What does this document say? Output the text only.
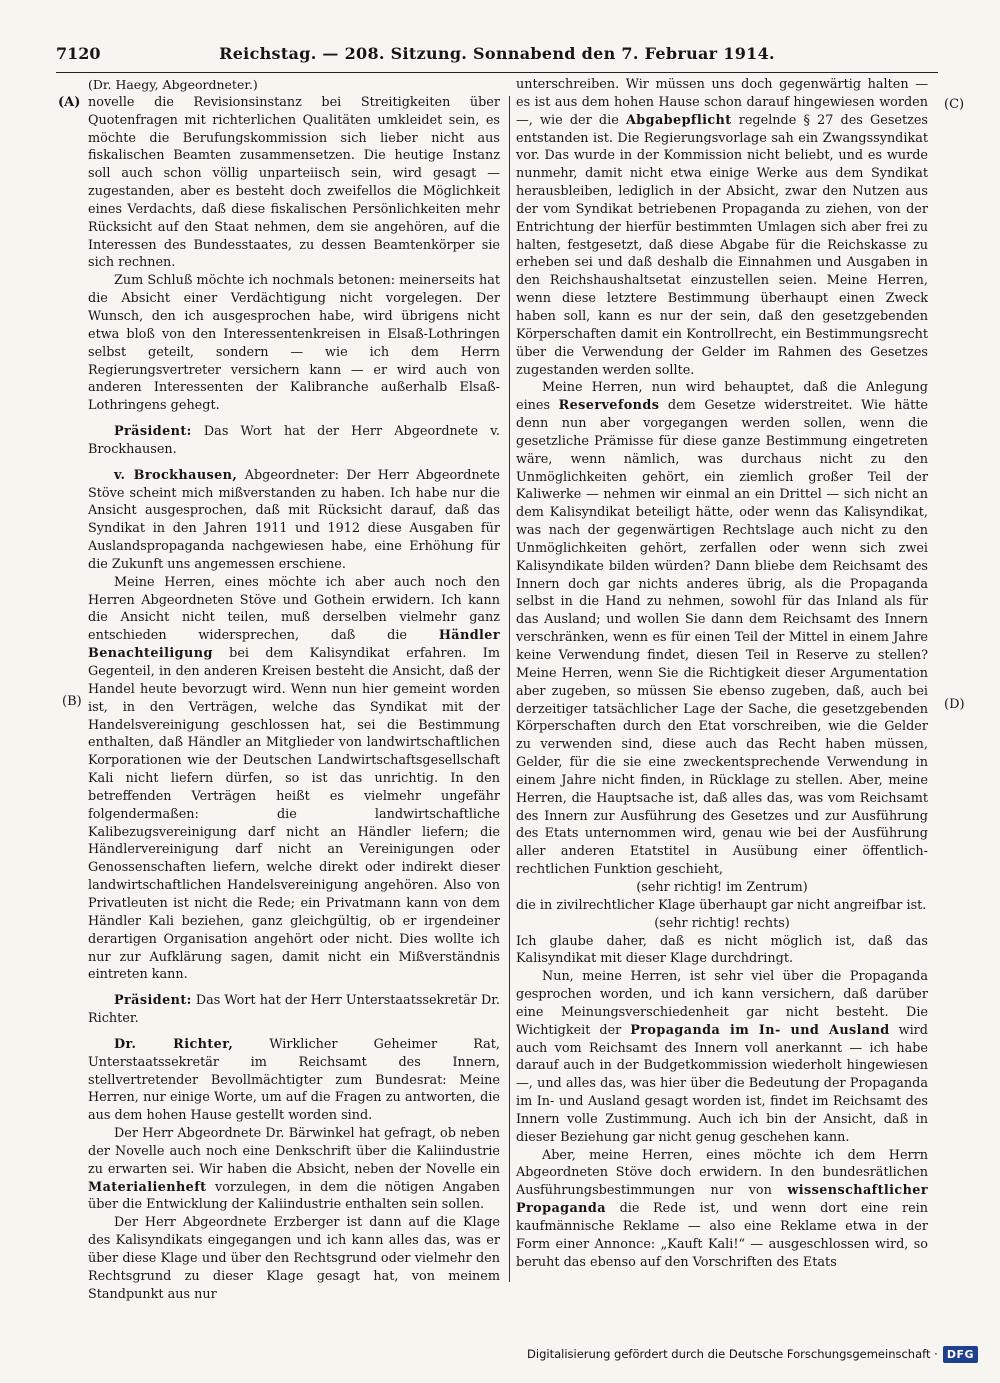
7120	Reichstag. — 208. Sitzung. Sonnabend den 7. Februar 1914.
(A)
(B)
(C)
(D)

(Dr. Haegy, Abgeordneter.)

novelle die Revisionsinstanz bei Streitigkeiten über Quotenfragen mit richterlichen Qualitäten umkleidet sein, es möchte die Berufungskommission sich lieber nicht aus fiskalischen Beamten zusammensetzen. Die heutige Instanz soll auch schon völlig unparteiisch sein, wird gesagt — zugestanden, aber es besteht doch zweifellos die Möglichkeit eines Verdachts, daß diese fiskalischen Persönlichkeiten mehr Rücksicht auf den Staat nehmen, dem sie angehören, auf die Interessen des Bundesstaates, zu dessen Beamtenkörper sie sich rechnen.

Zum Schluß möchte ich nochmals betonen: meinerseits hat die Absicht einer Verdächtigung nicht vorgelegen. Der Wunsch, den ich ausgesprochen habe, wird übrigens nicht etwa bloß von den Interessentenkreisen in Elsaß-Lothringen selbst geteilt, sondern — wie ich dem Herrn Regierungsvertreter versichern kann — er wird auch von anderen Interessenten der Kalibranche außerhalb Elsaß-Lothringens gehegt.

Präsident: Das Wort hat der Herr Abgeordnete v. Brockhausen.

v. Brockhausen, Abgeordneter: Der Herr Abgeordnete Stöve scheint mich mißverstanden zu haben. Ich habe nur die Ansicht ausgesprochen, daß mit Rücksicht darauf, daß das Syndikat in den Jahren 1911 und 1912 diese Ausgaben für Auslandspropaganda nachgewiesen habe, eine Erhöhung für die Zukunft uns angemessen erschiene.

Meine Herren, eines möchte ich aber auch noch den Herren Abgeordneten Stöve und Gothein erwidern. Ich kann die Ansicht nicht teilen, muß derselben vielmehr ganz entschieden widersprechen, daß die Händler Benachteiligung bei dem Kalisyndikat erfahren. Im Gegenteil, in den anderen Kreisen besteht die Ansicht, daß der Handel heute bevorzugt wird. Wenn nun hier gemeint worden ist, in den Verträgen, welche das Syndikat mit der Handelsvereinigung geschlossen hat, sei die Bestimmung enthalten, daß Händler an Mitglieder von landwirtschaftlichen Korporationen wie der Deutschen Landwirtschaftsgesellschaft Kali nicht liefern dürfen, so ist das unrichtig. In den betreffenden Verträgen heißt es vielmehr ungefähr folgendermaßen: die landwirtschaftliche Kalibezugsvereinigung darf nicht an Händler liefern; die Händlervereinigung darf nicht an Vereinigungen oder Genossenschaften liefern, welche direkt oder indirekt dieser landwirtschaftlichen Handelsvereinigung angehören. Also von Privatleuten ist nicht die Rede; ein Privatmann kann von dem Händler Kali beziehen, ganz gleichgültig, ob er irgendeiner derartigen Organisation angehört oder nicht. Dies wollte ich nur zur Aufklärung sagen, damit nicht ein Mißverständnis eintreten kann.

Präsident: Das Wort hat der Herr Unterstaatssekretär Dr. Richter.

Dr. Richter, Wirklicher Geheimer Rat, Unterstaatssekretär im Reichsamt des Innern, stellvertretender Bevollmächtigter zum Bundesrat: Meine Herren, nur einige Worte, um auf die Fragen zu antworten, die aus dem hohen Hause gestellt worden sind.

Der Herr Abgeordnete Dr. Bärwinkel hat gefragt, ob neben der Novelle auch noch eine Denkschrift über die Kaliindustrie zu erwarten sei. Wir haben die Absicht, neben der Novelle ein Materialienheft vorzulegen, in dem die nötigen Angaben über die Entwicklung der Kaliindustrie enthalten sein sollen.

Der Herr Abgeordnete Erzberger ist dann auf die Klage des Kalisyndikats eingegangen und ich kann alles das, was er über diese Klage und über den Rechtsgrund oder vielmehr den Rechtsgrund zu dieser Klage gesagt hat, von meinem Standpunkt aus nur

unterschreiben. Wir müssen uns doch gegenwärtig halten — es ist aus dem hohen Hause schon darauf hingewiesen worden —, wie der die Abgabepflicht regelnde § 27 des Gesetzes entstanden ist. Die Regierungsvorlage sah ein Zwangssyndikat vor. Das wurde in der Kommission nicht beliebt, und es wurde nunmehr, damit nicht etwa einige Werke aus dem Syndikat herausbleiben, lediglich in der Absicht, zwar den Nutzen aus der vom Syndikat betriebenen Propaganda zu ziehen, von der Entrichtung der hierfür bestimmten Umlagen sich aber frei zu halten, festgesetzt, daß diese Abgabe für die Reichskasse zu erheben sei und daß deshalb die Einnahmen und Ausgaben in den Reichshaushaltsetat einzustellen seien. Meine Herren, wenn diese letztere Bestimmung überhaupt einen Zweck haben soll, kann es nur der sein, daß den gesetzgebenden Körperschaften damit ein Kontrollrecht, ein Bestimmungsrecht über die Verwendung der Gelder im Rahmen des Gesetzes zugestanden werden sollte.

Meine Herren, nun wird behauptet, daß die Anlegung eines Reservefonds dem Gesetze widerstreitet. Wie hätte denn nun aber vorgegangen werden sollen, wenn die gesetzliche Prämisse für diese ganze Bestimmung eingetreten wäre, wenn nämlich, was durchaus nicht zu den Unmöglichkeiten gehört, ein ziemlich großer Teil der Kaliwerke — nehmen wir einmal an ein Drittel — sich nicht an dem Kalisyndikat beteiligt hätte, oder wenn das Kalisyndikat, was nach der gegenwärtigen Rechtslage auch nicht zu den Unmöglichkeiten gehört, zerfallen oder wenn sich zwei Kalisyndikate bilden würden? Dann bliebe dem Reichsamt des Innern doch gar nichts anderes übrig, als die Propaganda selbst in die Hand zu nehmen, sowohl für das Inland als für das Ausland; und wollen Sie dann dem Reichsamt des Innern verschränken, wenn es für einen Teil der Mittel in einem Jahre keine Verwendung findet, diesen Teil in Reserve zu stellen? Meine Herren, wenn Sie die Richtigkeit dieser Argumentation aber zugeben, so müssen Sie ebenso zugeben, daß, auch bei derzeitiger tatsächlicher Lage der Sache, die gesetzgebenden Körperschaften durch den Etat vorschreiben, wie die Gelder zu verwenden sind, diese auch das Recht haben müssen, Gelder, für die sie eine zweckentsprechende Verwendung in einem Jahre nicht finden, in Rücklage zu stellen. Aber, meine Herren, die Hauptsache ist, daß alles das, was vom Reichsamt des Innern zur Ausführung des Gesetzes und zur Ausführung des Etats unternommen wird, genau wie bei der Ausführung aller anderen Etatstitel in Ausübung einer öffentlich-rechtlichen Funktion geschieht,

(sehr richtig! im Zentrum)

die in zivilrechtlicher Klage überhaupt gar nicht angreifbar ist.

(sehr richtig! rechts)

Ich glaube daher, daß es nicht möglich ist, daß das Kalisyndikat mit dieser Klage durchdringt.

Nun, meine Herren, ist sehr viel über die Propaganda gesprochen worden, und ich kann versichern, daß darüber eine Meinungsverschiedenheit gar nicht besteht. Die Wichtigkeit der Propaganda im In- und Ausland wird auch vom Reichsamt des Innern voll anerkannt — ich habe darauf auch in der Budgetkommission wiederholt hingewiesen —, und alles das, was hier über die Bedeutung der Propaganda im In- und Ausland gesagt worden ist, findet im Reichsamt des Innern volle Zustimmung. Auch ich bin der Ansicht, daß in dieser Beziehung gar nicht genug geschehen kann.

Aber, meine Herren, eines möchte ich dem Herrn Abgeordneten Stöve doch erwidern. In den bundesrätlichen Ausführungsbestimmungen nur von wissenschaftlicher Propaganda die Rede ist, und wenn dort eine rein kaufmännische Reklame — also eine Reklame etwa in der Form einer Annonce: „Kauft Kali!“ — ausgeschlossen wird, so beruht das ebenso auf den Vorschriften des Etats

Digitalisierung gefördert durch die Deutsche Forschungsgemeinschaft · DFG
